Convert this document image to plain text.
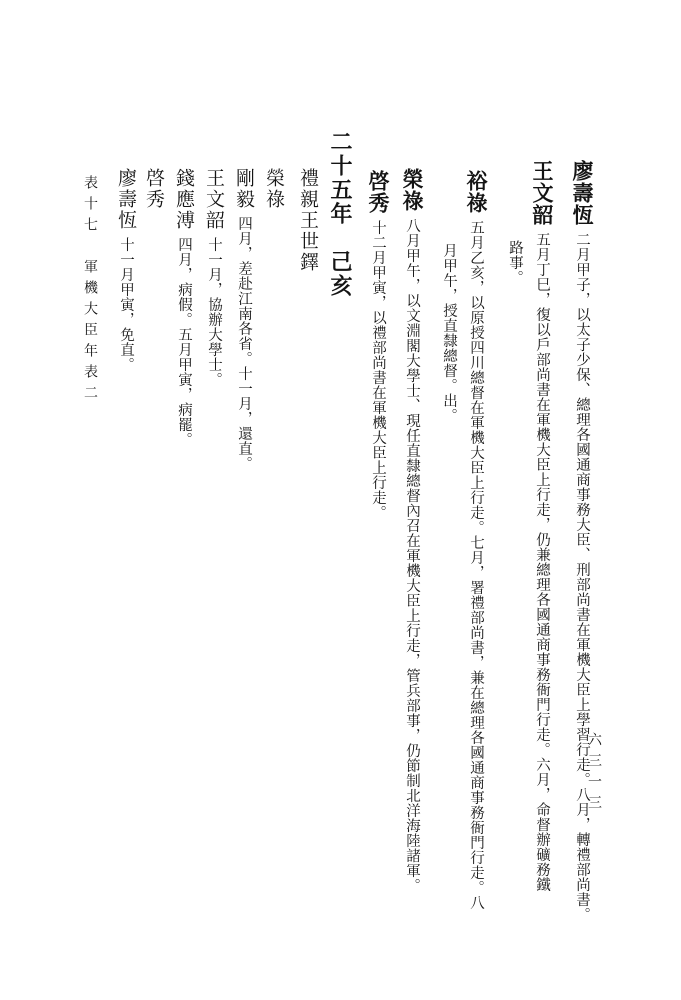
廖壽恆二月甲子，以太子少保、總理各國通商事務大臣、刑部尚書在軍機大臣上學習行走。八月，轉禮部尚書。
王文韶五月丁巳，復以戶部尚書在軍機大臣上行走，仍兼總理各國通商事務衙門行走。六月，命督辦礦務鐵
路事。
裕祿五月乙亥，以原授四川總督在軍機大臣上行走。七月，署禮部尚書，兼在總理各國通商事務衙門行走。八
月甲午，授直隸總督。出。
榮祿八月甲午，以文淵閣大學士、現任直隸總督內召在軍機大臣上行走，管兵部事，仍節制北洋海陸諸軍。
啓秀十二月甲寅，以禮部尚書在軍機大臣上行走。
二十五年　己亥
禮親王世鐸
榮祿
剛毅四月，差赴江南各省。十一月，還直。
王文韶十一月，協辦大學士。
錢應溥四月，病假。五月甲寅，病罷。
啓秀
廖壽恆十一月甲寅，免直。
表十七　軍機大臣年表二
六三一三
